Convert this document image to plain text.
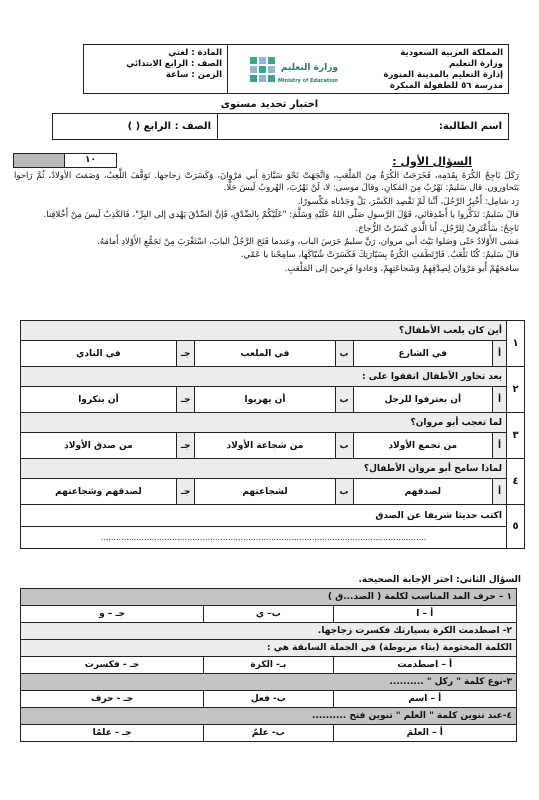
المملكة العربية السعودية
وزارة التعليم
إدارة التعليم بالمدينة المنورة
مدرسة ٥٦ للطفولة المبكرة
وزارة التعليم
Ministry of Education
المادة : لغتي
الصف : الرابع الابتدائي
الزمن : ساعة
اختبار تحديد مستوى
اسم الطالبة:
الصف : الرابع ( )
١٠	السؤال الأول :

رَكَلَ نَاجِحٌ الكُرَةَ بِقَدَمِه، فَخَرَجَتْ الكُرَةُ مِنَ المَلْعَبِ، وَاتَّجَهَتْ نَحْوَ سَيَّارَةِ أبي مَرْوانَ، وَكَسَرَتْ زجاجها. تَوَقَّفَ اللَّعِبُ، وَصَمَتَ الأولادُ، ثُمَّ رَاحوا يَتَحاورون. قال سَليمٌ: نَهْرُبُ مِنَ المَكانِ. وقالَ موسى: لا، لَنْ نَهْرُبَ، الهُروبُ لَيسَ حَلًّا.

رَد شامِل: أَخْبِرُ الرَّجُلَ، أنَّنا لَمْ نَقْصِد الكَسْرَ، بَلْ وَجَدْناه مَكْسورًا.

قالَ سَليمٌ: تَذَكَّروا يا أَصْدِقائي، قَوْلَ الرَّسولِ صَلّى اللهُ عَلَيْهِ وَسَلَّمَ: "عَلَيْكُمْ بِالصِّدْقِ، فَإنَّ الصِّدْقَ يَهْدي إلى البِرِّ"، فَالكَذِبُ لَيسَ مِنْ أَخْلاقِنا.

نَاجِحٌ: سَأَعْتَرِفُ لِلرَّجُلِ، أَنا الَّذي كَسَرْتُ الزُّجاجَ.

مَشى الأَوْلادُ حَتّى وَصَلوا بَيْتَ أبي مروان، رَنَّ سليمٌ جَرَسَ الباب، وعندما فَتَحَ الرَّجُلُ البابَ، اسْتَغْرَبَ مِنْ تَجَمُّعِ الأَوْلادِ أَمامَهُ.

قالَ سَليمٌ: كُنّا نَلْعَبُ. فَارْتَطَمَتِ الكُرَةُ بِسَيّارَتِكَ فَكَسَرَتْ شُبّاكَها، سامِحْنا يا عَمّي.

سامَحَهُمْ أَبو مَرْوانَ لِصِدْقِهِمْ وَشَجاعَتِهِمْ، وَعادوا فَرِحينَ إلى المَلْعَبِ.

١	أين كان يلعب الأطفال؟					
	أ	في الشارع	ب	في الملعب	جـ	في النادي
٢	بعد تحاور الأطفال اتفقوا على :					
	أ	أن يعترفوا للرجل	ب	أن يهربوا	جـ	أن ينكروا
٣	لما تعجب أبو مروان؟					
	أ	من تجمع الأولاد	ب	من شجاعة الأولاد	جـ	من صدق الأولاد
٤	لماذا سامح أبو مروان الأطفال؟					
	أ	لصدقهم	ب	لشجاعتهم	جـ	لصدقهم وشجاعتهم
٥	اكتب حديثا شريفا عن الصدق					
	................................................................................................................................					
السؤال الثاني: اختر الإجابة الصحيحة.
١ – حرف المد المناسب لكلمة ( الصد...ق )		
أ – ا	ب– ي	جـ – و
٢- اصطدمت الكرة بسيارتك فكسرت زجاجها.		
الكلمة المختومة (بتاء مربوطة) في الجملة السابقة هي :		
أ – اصطدمت	بـ- الكرة	جـ - فكسرت
٣-نوع كلمة " ركل " ..........		
أ – اسم	ب- فعل	جـ - حرف
٤-عند تنوين كلمة " العلم " تنوين فتح ..........		
أ – العلمَ	ب- علمٌ	جـ - علمًا
